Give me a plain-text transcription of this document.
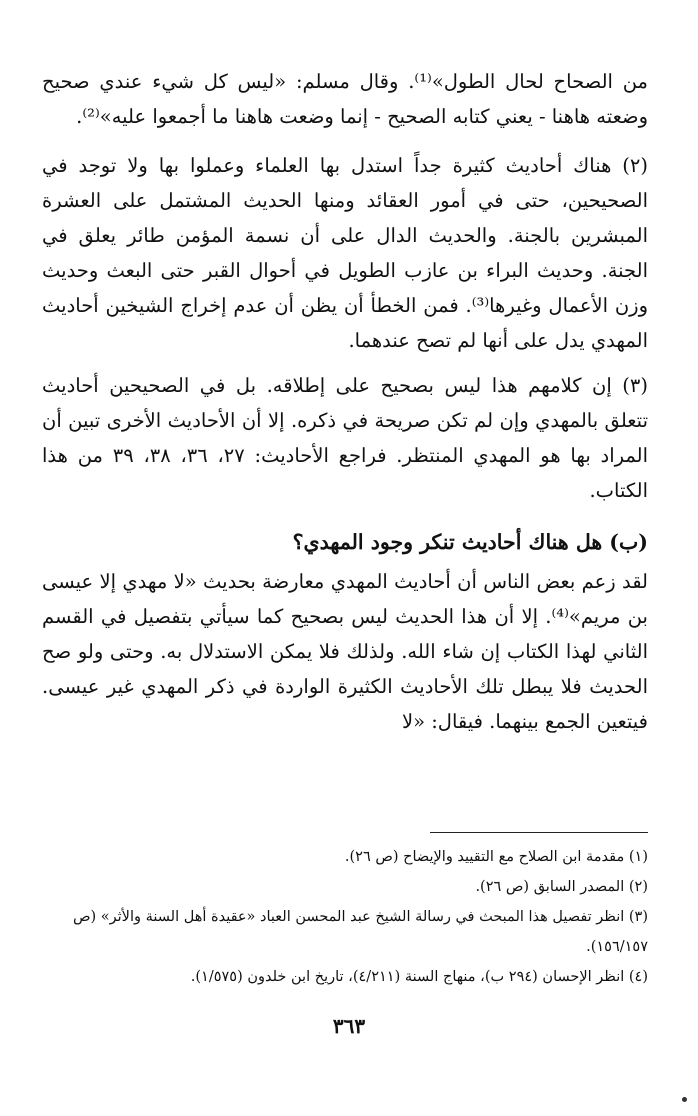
من الصحاح لحال الطول»⁽¹⁾. وقال مسلم: «ليس كل شيء عندي صحيح وضعته هاهنا - يعني كتابه الصحيح - إنما وضعت هاهنا ما أجمعوا عليه»⁽²⁾.

(٢) هناك أحاديث كثيرة جداً استدل بها العلماء وعملوا بها ولا توجد في الصحيحين، حتى في أمور العقائد ومنها الحديث المشتمل على العشرة المبشرين بالجنة. والحديث الدال على أن نسمة المؤمن طائر يعلق في الجنة. وحديث البراء بن عازب الطويل في أحوال القبر حتى البعث وحديث وزن الأعمال وغيرها⁽³⁾. فمن الخطأ أن يظن أن عدم إخراج الشيخين أحاديث المهدي يدل على أنها لم تصح عندهما.

(٣) إن كلامهم هذا ليس بصحيح على إطلاقه. بل في الصحيحين أحاديث تتعلق بالمهدي وإن لم تكن صريحة في ذكره. إلا أن الأحاديث الأخرى تبين أن المراد بها هو المهدي المنتظر. فراجع الأحاديث: ٢٧، ٣٦، ٣٨، ٣٩ من هذا الكتاب.

(ب) هل هناك أحاديث تنكر وجود المهدي؟

لقد زعم بعض الناس أن أحاديث المهدي معارضة بحديث «لا مهدي إلا عيسى بن مريم»⁽⁴⁾. إلا أن هذا الحديث ليس بصحيح كما سيأتي بتفصيل في القسم الثاني لهذا الكتاب إن شاء الله. ولذلك فلا يمكن الاستدلال به. وحتى ولو صح الحديث فلا يبطل تلك الأحاديث الكثيرة الواردة في ذكر المهدي غير عيسى. فيتعين الجمع بينهما. فيقال: «لا

(١) مقدمة ابن الصلاح مع التقييد والإيضاح (ص ٢٦).

(٢) المصدر السابق (ص ٢٦).

(٣) انظر تفصيل هذا المبحث في رسالة الشيخ عبد المحسن العباد «عقيدة أهل السنة والأثر» (ص ١٥٦/١٥٧).

(٤) انظر الإحسان (٢٩٤ ب)، منهاج السنة (٤/٢١١)، تاريخ ابن خلدون (١/٥٧٥).

٣٦٣
